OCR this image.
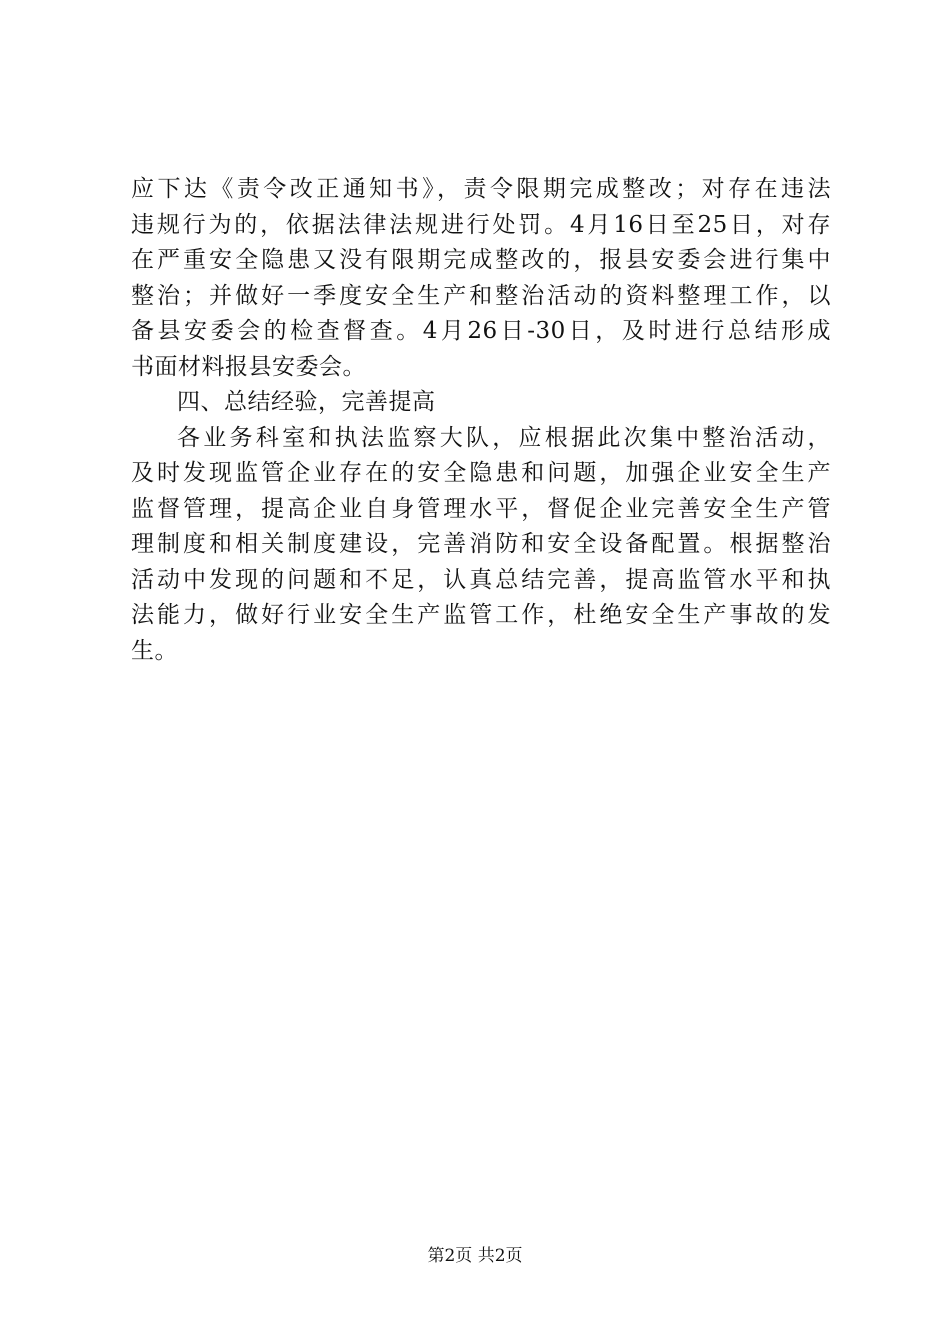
应下达《责令改正通知书》，责令限期完成整改；对存在违法
违规行为的，依据法律法规进行处罚。4月16日至25日，对存
在严重安全隐患又没有限期完成整改的，报县安委会进行集中
整治；并做好一季度安全生产和整治活动的资料整理工作，以
备县安委会的检查督查。4月26日-30日，及时进行总结形成
书面材料报县安委会。
四、总结经验，完善提高
各业务科室和执法监察大队，应根据此次集中整治活动，
及时发现监管企业存在的安全隐患和问题，加强企业安全生产
监督管理，提高企业自身管理水平，督促企业完善安全生产管
理制度和相关制度建设，完善消防和安全设备配置。根据整治
活动中发现的问题和不足，认真总结完善，提高监管水平和执
法能力，做好行业安全生产监管工作，杜绝安全生产事故的发
生。
第2页 共2页
